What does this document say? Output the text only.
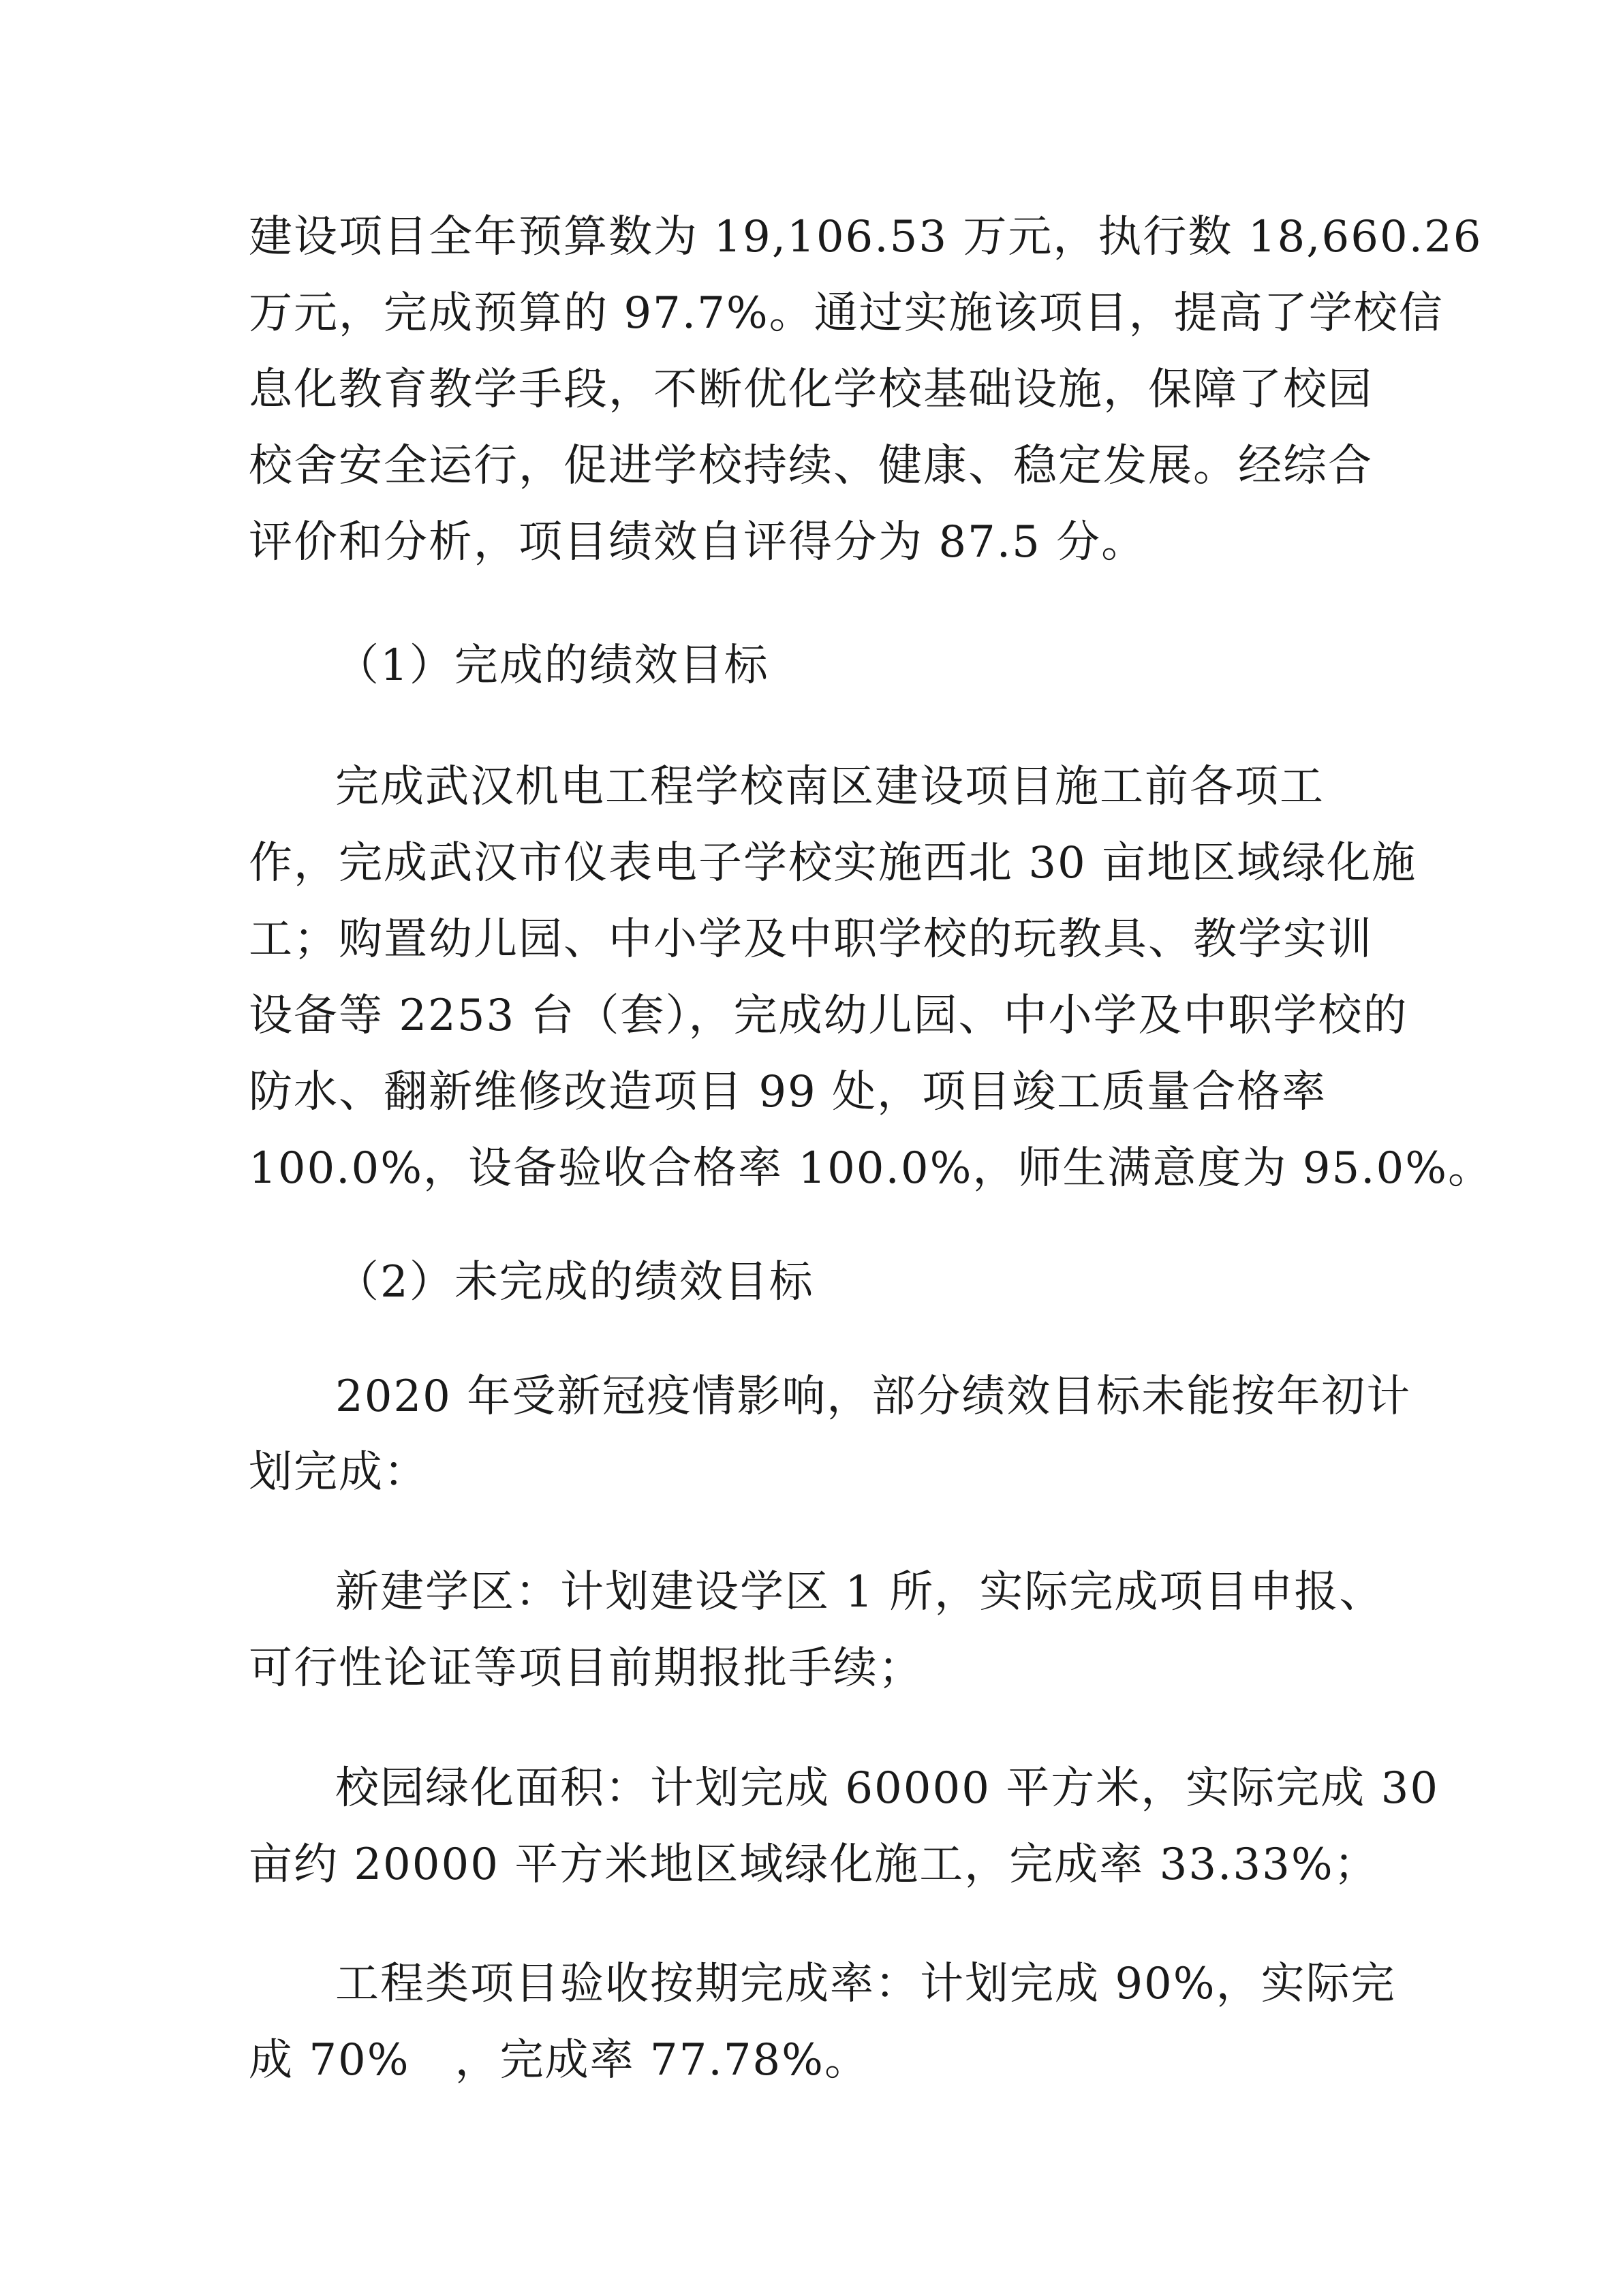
建设项目全年预算数为 19,106.53 万元，执行数 18,660.26
万元，完成预算的 97.7%。通过实施该项目，提高了学校信
息化教育教学手段，不断优化学校基础设施，保障了校园
校舍安全运行，促进学校持续、健康、稳定发展。经综合
评价和分析，项目绩效自评得分为 87.5 分。
（1）完成的绩效目标
完成武汉机电工程学校南区建设项目施工前各项工
作，完成武汉市仪表电子学校实施西北 30 亩地区域绿化施
工；购置幼儿园、中小学及中职学校的玩教具、教学实训
设备等 2253 台（套），完成幼儿园、中小学及中职学校的
防水、翻新维修改造项目 99 处，项目竣工质量合格率
100.0%，设备验收合格率 100.0%，师生满意度为 95.0%。
（2）未完成的绩效目标
2020 年受新冠疫情影响，部分绩效目标未能按年初计
划完成：
新建学区：计划建设学区 1 所，实际完成项目申报、
可行性论证等项目前期报批手续；
校园绿化面积：计划完成 60000 平方米，实际完成 30
亩约 20000 平方米地区域绿化施工，完成率 33.33%；
工程类项目验收按期完成率：计划完成 90%，实际完
成 70%　，完成率 77.78%。
